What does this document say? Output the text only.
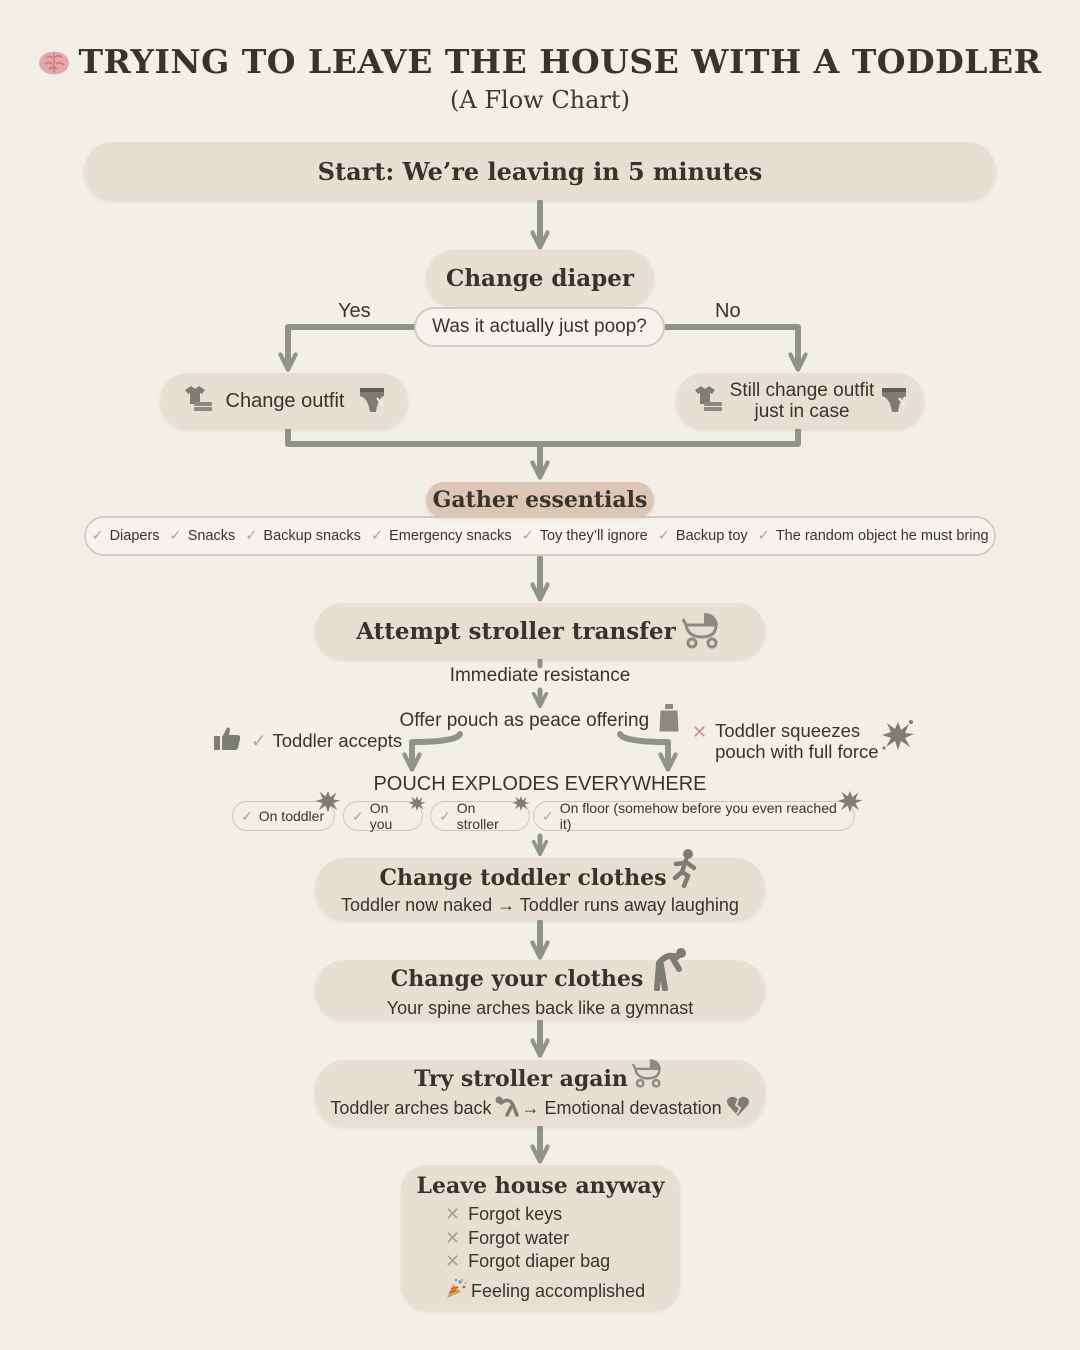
TRYING TO LEAVE THE HOUSE WITH A TODDLER
(A Flow Chart)
Start: We’re leaving in 5 minutes
Change diaper
Was it actually just poop?
Yes	No
Change outfit	Still change outfit
just in case
Gather essentials
✓ Diapers ✓ Snacks ✓ Backup snacks ✓ Emergency snacks ✓ Toy they’ll ignore ✓ Backup toy ✓ The random object he must bring
Attempt stroller transfer
Immediate resistance
Offer pouch as peace offering
✓ Toddler accepts	✕ Toddler squeezes
pouch with full force
POUCH EXPLODES EVERYWHERE
✓ On toddler ✓ On you
✓ On stroller
✓ On floor (somehow before you even reached it)
Change toddler clothes
Toddler now naked → Toddler runs away laughing
Change your clothes
Your spine arches back like a gymnast
Try stroller again
Toddler arches back → Emotional devastation
Leave house anyway
✕ Forgot keys
✕ Forgot water
✕ Forgot diaper bag
Feeling accomplished
